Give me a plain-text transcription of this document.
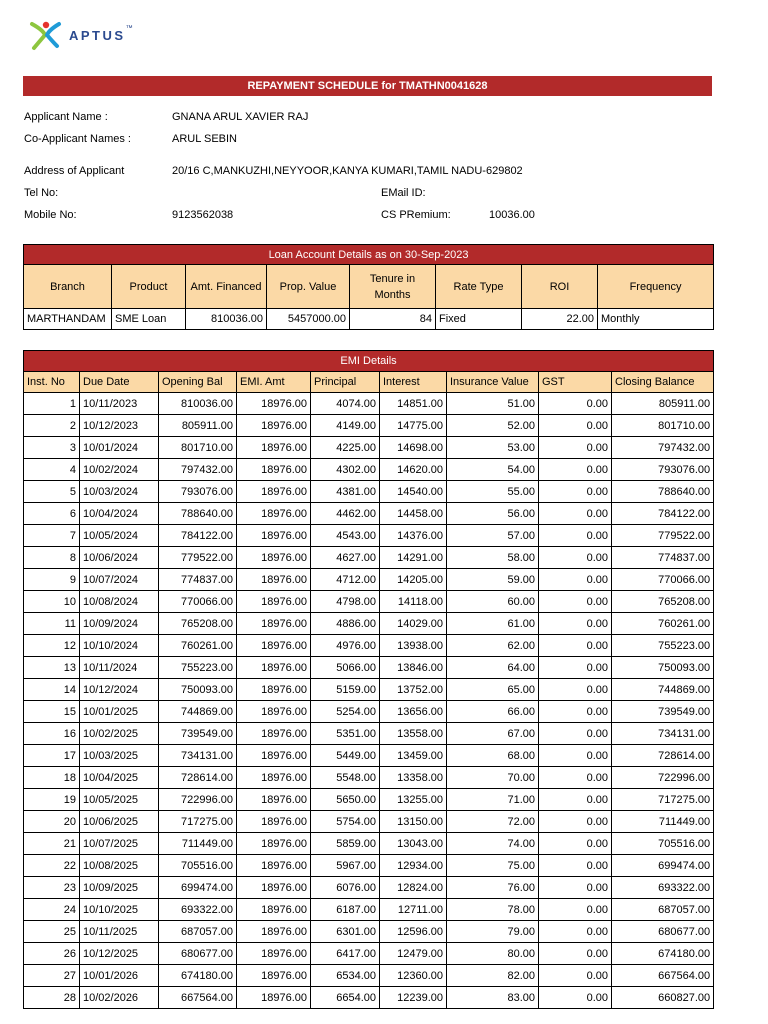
APTUS ™
REPAYMENT SCHEDULE for TMATHN0041628
Applicant Name :	GNANA ARUL XAVIER RAJ
Co-Applicant Names :	ARUL SEBIN
Address of Applicant	20/16 C,MANKUZHI,NEYYOOR,KANYA KUMARI,TAMIL NADU-629802
Tel No:	EMail ID:
Mobile No:	9123562038	CS PRemium:	10036.00
Loan Account Details as on 30-Sep-2023							
Branch	Product	Amt. Financed	Prop. Value	Tenure in Months	Rate Type	ROI	Frequency
MARTHANDAM	SME Loan	810036.00	5457000.00	84	Fixed	22.00	Monthly
EMI Details								
Inst. No	Due Date	Opening Bal	EMI. Amt	Principal	Interest	Insurance Value	GST	Closing Balance
1	10/11/2023	810036.00	18976.00	4074.00	14851.00	51.00	0.00	805911.00
2	10/12/2023	805911.00	18976.00	4149.00	14775.00	52.00	0.00	801710.00
3	10/01/2024	801710.00	18976.00	4225.00	14698.00	53.00	0.00	797432.00
4	10/02/2024	797432.00	18976.00	4302.00	14620.00	54.00	0.00	793076.00
5	10/03/2024	793076.00	18976.00	4381.00	14540.00	55.00	0.00	788640.00
6	10/04/2024	788640.00	18976.00	4462.00	14458.00	56.00	0.00	784122.00
7	10/05/2024	784122.00	18976.00	4543.00	14376.00	57.00	0.00	779522.00
8	10/06/2024	779522.00	18976.00	4627.00	14291.00	58.00	0.00	774837.00
9	10/07/2024	774837.00	18976.00	4712.00	14205.00	59.00	0.00	770066.00
10	10/08/2024	770066.00	18976.00	4798.00	14118.00	60.00	0.00	765208.00
11	10/09/2024	765208.00	18976.00	4886.00	14029.00	61.00	0.00	760261.00
12	10/10/2024	760261.00	18976.00	4976.00	13938.00	62.00	0.00	755223.00
13	10/11/2024	755223.00	18976.00	5066.00	13846.00	64.00	0.00	750093.00
14	10/12/2024	750093.00	18976.00	5159.00	13752.00	65.00	0.00	744869.00
15	10/01/2025	744869.00	18976.00	5254.00	13656.00	66.00	0.00	739549.00
16	10/02/2025	739549.00	18976.00	5351.00	13558.00	67.00	0.00	734131.00
17	10/03/2025	734131.00	18976.00	5449.00	13459.00	68.00	0.00	728614.00
18	10/04/2025	728614.00	18976.00	5548.00	13358.00	70.00	0.00	722996.00
19	10/05/2025	722996.00	18976.00	5650.00	13255.00	71.00	0.00	717275.00
20	10/06/2025	717275.00	18976.00	5754.00	13150.00	72.00	0.00	711449.00
21	10/07/2025	711449.00	18976.00	5859.00	13043.00	74.00	0.00	705516.00
22	10/08/2025	705516.00	18976.00	5967.00	12934.00	75.00	0.00	699474.00
23	10/09/2025	699474.00	18976.00	6076.00	12824.00	76.00	0.00	693322.00
24	10/10/2025	693322.00	18976.00	6187.00	12711.00	78.00	0.00	687057.00
25	10/11/2025	687057.00	18976.00	6301.00	12596.00	79.00	0.00	680677.00
26	10/12/2025	680677.00	18976.00	6417.00	12479.00	80.00	0.00	674180.00
27	10/01/2026	674180.00	18976.00	6534.00	12360.00	82.00	0.00	667564.00
28	10/02/2026	667564.00	18976.00	6654.00	12239.00	83.00	0.00	660827.00
